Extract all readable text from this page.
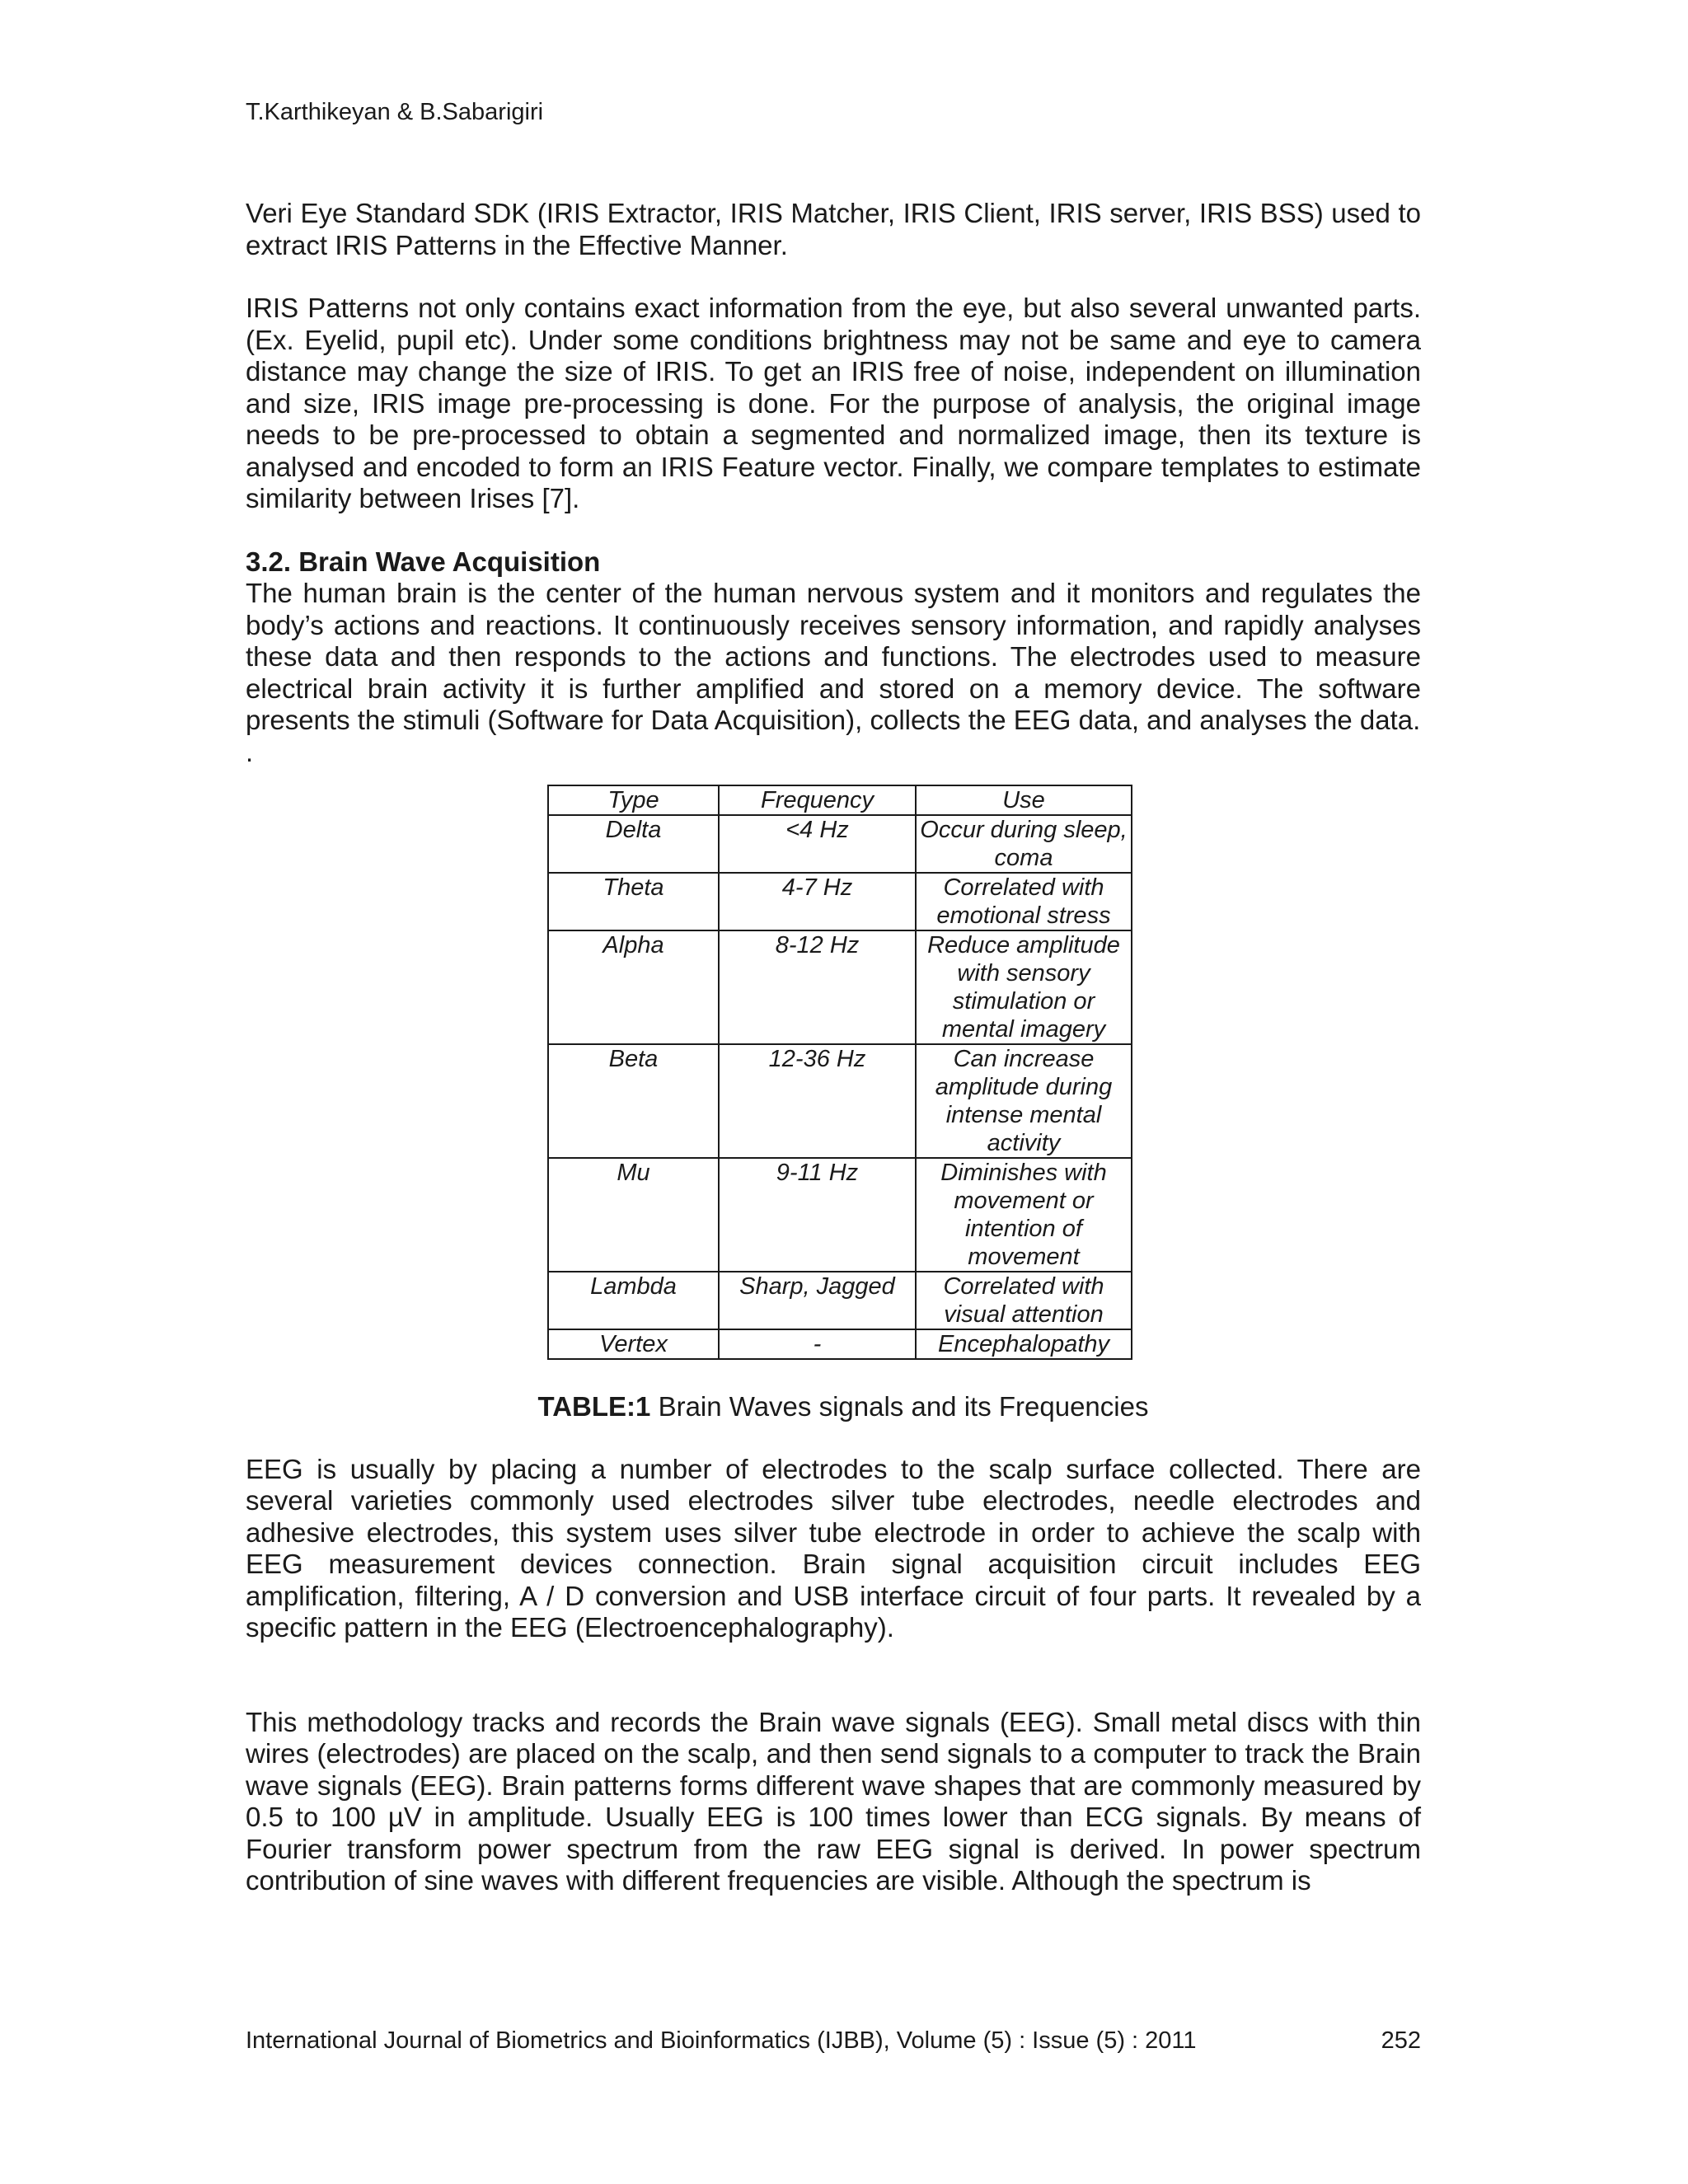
T.Karthikeyan & B.Sabarigiri

Veri Eye Standard SDK (IRIS Extractor, IRIS Matcher, IRIS Client, IRIS server, IRIS BSS) used to extract IRIS Patterns in the Effective Manner.

IRIS Patterns not only contains exact information from the eye, but also several unwanted parts. (Ex. Eyelid, pupil etc). Under some conditions brightness may not be same and eye to camera distance may change the size of IRIS. To get an IRIS free of noise, independent on illumination and size, IRIS image pre-processing is done. For the purpose of analysis, the original image needs to be pre-processed to obtain a segmented and normalized image, then its texture is analysed and encoded to form an IRIS Feature vector. Finally, we compare templates to estimate similarity between Irises [7].

3.2. Brain Wave Acquisition

The human brain is the center of the human nervous system and it monitors and regulates the body’s actions and reactions. It continuously receives sensory information, and rapidly analyses these data and then responds to the actions and functions. The electrodes used to measure electrical brain activity it is further amplified and stored on a memory device. The software presents the stimuli (Software for Data Acquisition), collects the EEG data, and analyses the data.

.

Type	Frequency	Use
Delta	<4 Hz	Occur during sleep, coma
Theta	4-7 Hz	Correlated with emotional stress
Alpha	8-12 Hz	Reduce amplitude with sensory stimulation or mental imagery
Beta	12-36 Hz	Can increase amplitude during intense mental activity
Mu	9-11 Hz	Diminishes with movement or intention of movement
Lambda	Sharp, Jagged	Correlated with visual attention
Vertex	-	Encephalopathy
TABLE:1 Brain Waves signals and its Frequencies

EEG is usually by placing a number of electrodes to the scalp surface collected. There are several varieties commonly used electrodes silver tube electrodes, needle electrodes and adhesive electrodes, this system uses silver tube electrode in order to achieve the scalp with EEG measurement devices connection. Brain signal acquisition circuit includes EEG amplification, filtering, A / D conversion and USB interface circuit of four parts. It revealed by a specific pattern in the EEG (Electroencephalography).

This methodology tracks and records the Brain wave signals (EEG). Small metal discs with thin wires (electrodes) are placed on the scalp, and then send signals to a computer to track the Brain wave signals (EEG). Brain patterns forms different wave shapes that are commonly measured by 0.5 to 100 µV in amplitude. Usually EEG is 100 times lower than ECG signals. By means of Fourier transform power spectrum from the raw EEG signal is derived. In power spectrum contribution of sine waves with different frequencies are visible. Although the spectrum is

International Journal of Biometrics and Bioinformatics (IJBB), Volume (5) : Issue (5) : 2011	252
